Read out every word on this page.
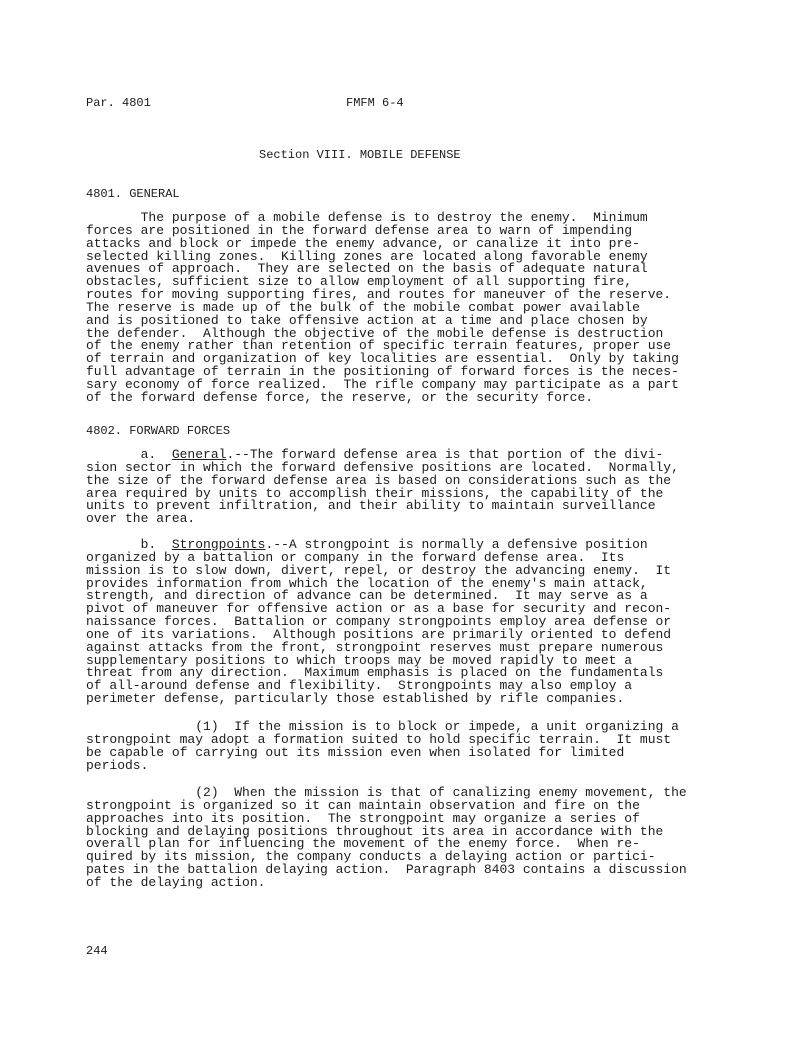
Par. 4801	FMFM 6-4
Section VIII. MOBILE DEFENSE
4801. GENERAL

The purpose of a mobile defense is to destroy the enemy.  Minimum
forces are positioned in the forward defense area to warn of impending
attacks and block or impede the enemy advance, or canalize it into pre-
selected killing zones.  Killing zones are located along favorable enemy
avenues of approach.  They are selected on the basis of adequate natural
obstacles, sufficient size to allow employment of all supporting fire,
routes for moving supporting fires, and routes for maneuver of the reserve.
The reserve is made up of the bulk of the mobile combat power available
and is positioned to take offensive action at a time and place chosen by
the defender.  Although the objective of the mobile defense is destruction
of the enemy rather than retention of specific terrain features, proper use
of terrain and organization of key localities are essential.  Only by taking
full advantage of terrain in the positioning of forward forces is the neces-
sary economy of force realized.  The rifle company may participate as a part
of the forward defense force, the reserve, or the security force.

4802. FORWARD FORCES

a.  General.--The forward defense area is that portion of the divi-
sion sector in which the forward defensive positions are located.  Normally,
the size of the forward defense area is based on considerations such as the
area required by units to accomplish their missions, the capability of the
units to prevent infiltration, and their ability to maintain surveillance
over the area.

b.  Strongpoints.--A strongpoint is normally a defensive position
organized by a battalion or company in the forward defense area.  Its
mission is to slow down, divert, repel, or destroy the advancing enemy.  It
provides information from which the location of the enemy's main attack,
strength, and direction of advance can be determined.  It may serve as a
pivot of maneuver for offensive action or as a base for security and recon-
naissance forces.  Battalion or company strongpoints employ area defense or
one of its variations.  Although positions are primarily oriented to defend
against attacks from the front, strongpoint reserves must prepare numerous
supplementary positions to which troops may be moved rapidly to meet a
threat from any direction.  Maximum emphasis is placed on the fundamentals
of all-around defense and flexibility.  Strongpoints may also employ a
perimeter defense, particularly those established by rifle companies.

(1)  If the mission is to block or impede, a unit organizing a
strongpoint may adopt a formation suited to hold specific terrain.  It must
be capable of carrying out its mission even when isolated for limited
periods.

(2)  When the mission is that of canalizing enemy movement, the
strongpoint is organized so it can maintain observation and fire on the
approaches into its position.  The strongpoint may organize a series of
blocking and delaying positions throughout its area in accordance with the
overall plan for influencing the movement of the enemy force.  When re-
quired by its mission, the company conducts a delaying action or partici-
pates in the battalion delaying action.  Paragraph 8403 contains a discussion
of the delaying action.

244
